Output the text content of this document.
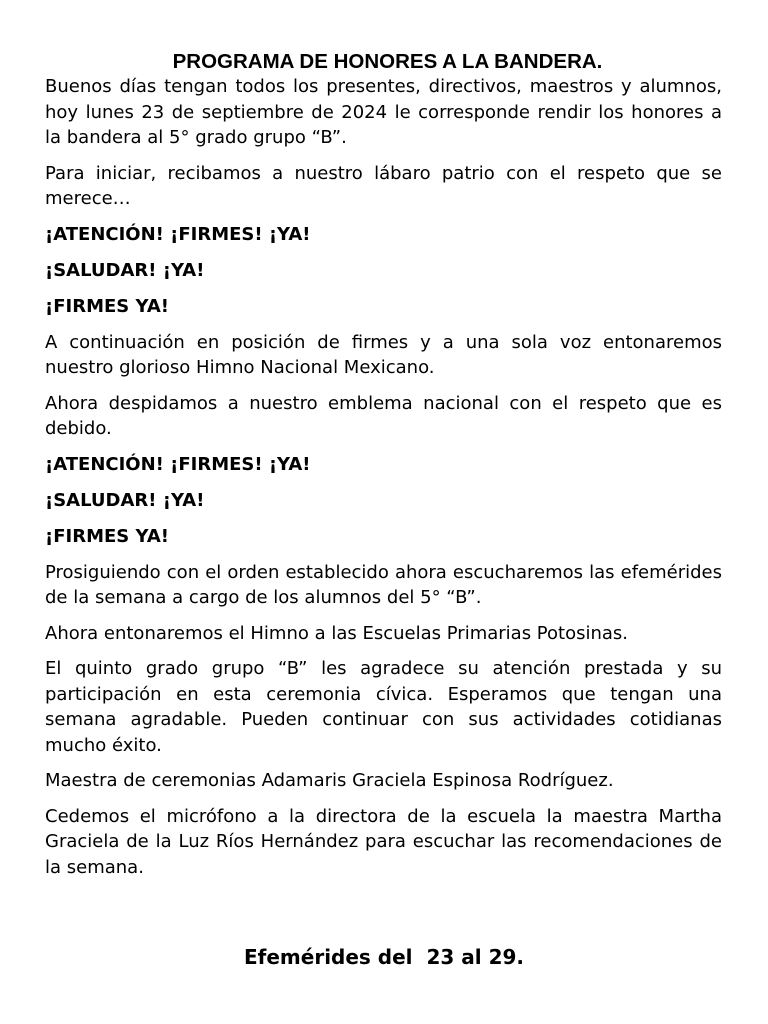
PROGRAMA DE HONORES A LA BANDERA.

Buenos días tengan todos los presentes, directivos, maestros y alumnos, hoy lunes 23 de septiembre de 2024 le corresponde rendir los honores a la bandera al 5° grado grupo “B”.

Para iniciar, recibamos a nuestro lábaro patrio con el respeto que se merece…

¡ATENCIÓN! ¡FIRMES! ¡YA!

¡SALUDAR! ¡YA!

¡FIRMES YA!

A continuación en posición de firmes y a una sola voz entonaremos nuestro glorioso Himno Nacional Mexicano.

Ahora despidamos a nuestro emblema nacional con el respeto que es debido.

¡ATENCIÓN! ¡FIRMES! ¡YA!

¡SALUDAR! ¡YA!

¡FIRMES YA!

Prosiguiendo con el orden establecido ahora escucharemos las efemérides de la semana a cargo de los alumnos del 5° “B”.

Ahora entonaremos el Himno a las Escuelas Primarias Potosinas.

El quinto grado grupo “B” les agradece su atención prestada y su participación en esta ceremonia cívica. Esperamos que tengan una semana agradable. Pueden continuar con sus actividades cotidianas mucho éxito.

Maestra de ceremonias Adamaris Graciela Espinosa Rodríguez.

Cedemos el micrófono a la directora de la escuela la maestra Martha Graciela de la Luz Ríos Hernández para escuchar las recomendaciones de la semana.

Efemérides del  23 al 29.
